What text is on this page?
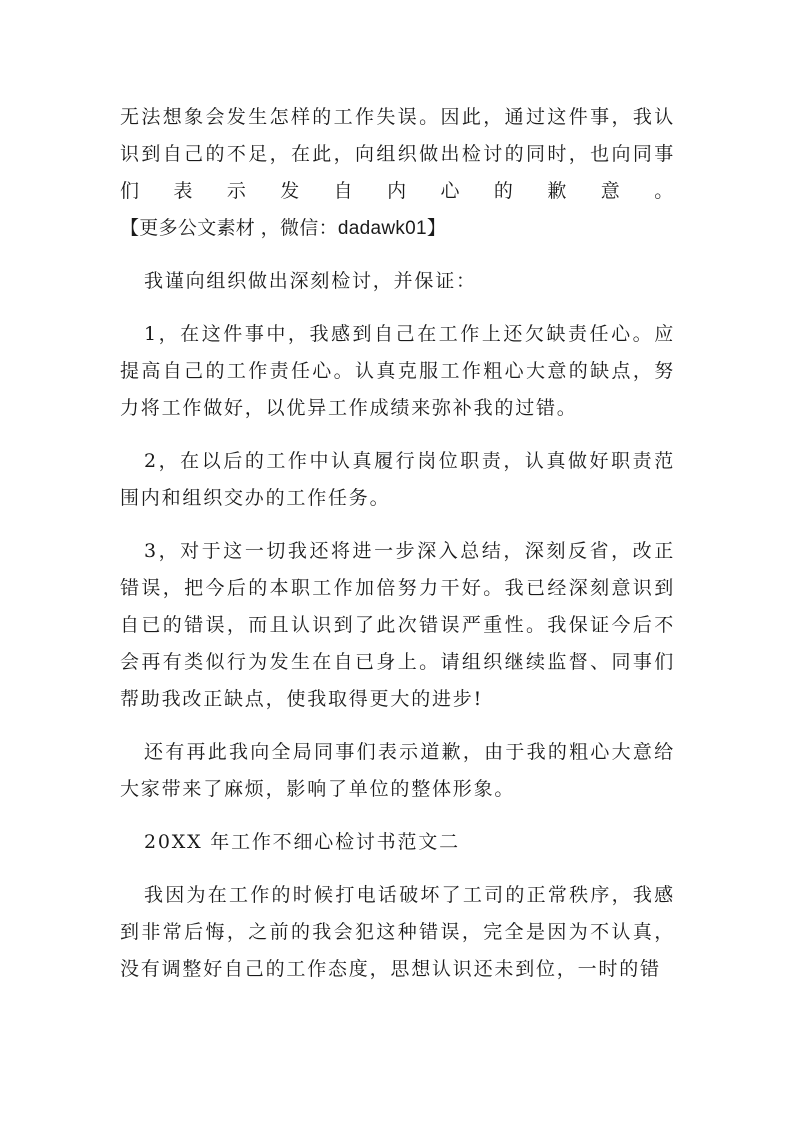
无法想象会发生怎样的工作失误。因此，通过这件事，我认识到自己的不足，在此，向组织做出检讨的同时，也向同事们表示发自内心的歉意。 【更多公文素材 ，微信：dadawk01】

我谨向组织做出深刻检讨，并保证：

1，在这件事中，我感到自己在工作上还欠缺责任心。应提高自己的工作责任心。认真克服工作粗心大意的缺点，努力将工作做好，以优异工作成绩来弥补我的过错。

2，在以后的工作中认真履行岗位职责，认真做好职责范围内和组织交办的工作任务。

3，对于这一切我还将进一步深入总结，深刻反省，改正错误，把今后的本职工作加倍努力干好。我已经深刻意识到自已的错误，而且认识到了此次错误严重性。我保证今后不会再有类似行为发生在自已身上。请组织继续监督、同事们帮助我改正缺点，使我取得更大的进步!

还有再此我向全局同事们表示道歉，由于我的粗心大意给大家带来了麻烦，影响了单位的整体形象。

20XX 年工作不细心检讨书范文二

我因为在工作的时候打电话破坏了工司的正常秩序，我感到非常后悔，之前的我会犯这种错误，完全是因为不认真，没有调整好自己的工作态度，思想认识还未到位，一时的错
